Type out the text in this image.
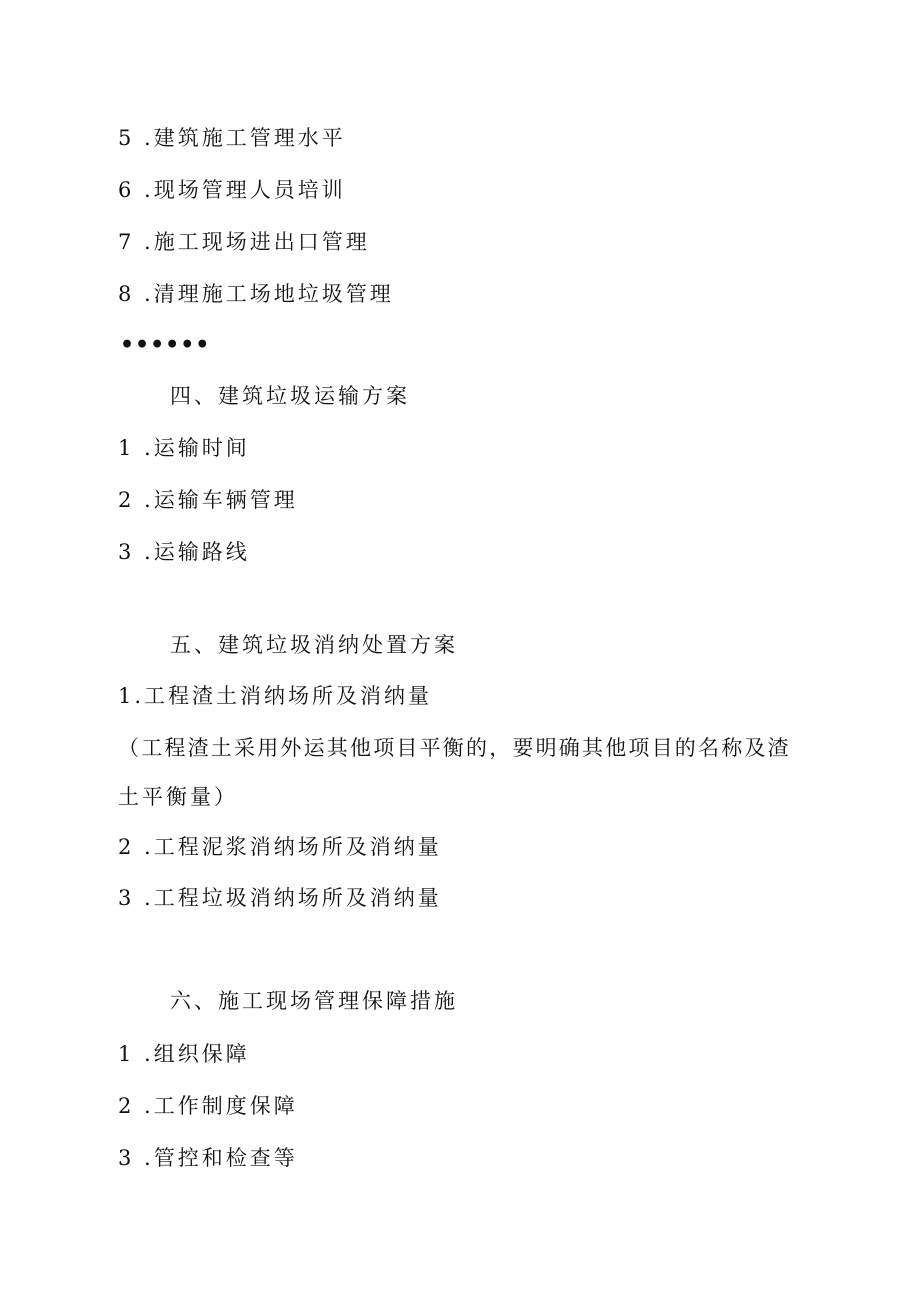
5 .建筑施工管理水平
6 .现场管理人员培训
7 .施工现场进出口管理
8 .清理施工场地垃圾管理
••••••
四、建筑垃圾运输方案
1 .运输时间
2 .运输车辆管理
3 .运输路线
五、建筑垃圾消纳处置方案
1.工程渣土消纳场所及消纳量
（工程渣土采用外运其他项目平衡的，要明确其他项目的名称及渣
土平衡量）
2 .工程泥浆消纳场所及消纳量
3 .工程垃圾消纳场所及消纳量
六、施工现场管理保障措施
1 .组织保障
2 .工作制度保障
3 .管控和检查等
